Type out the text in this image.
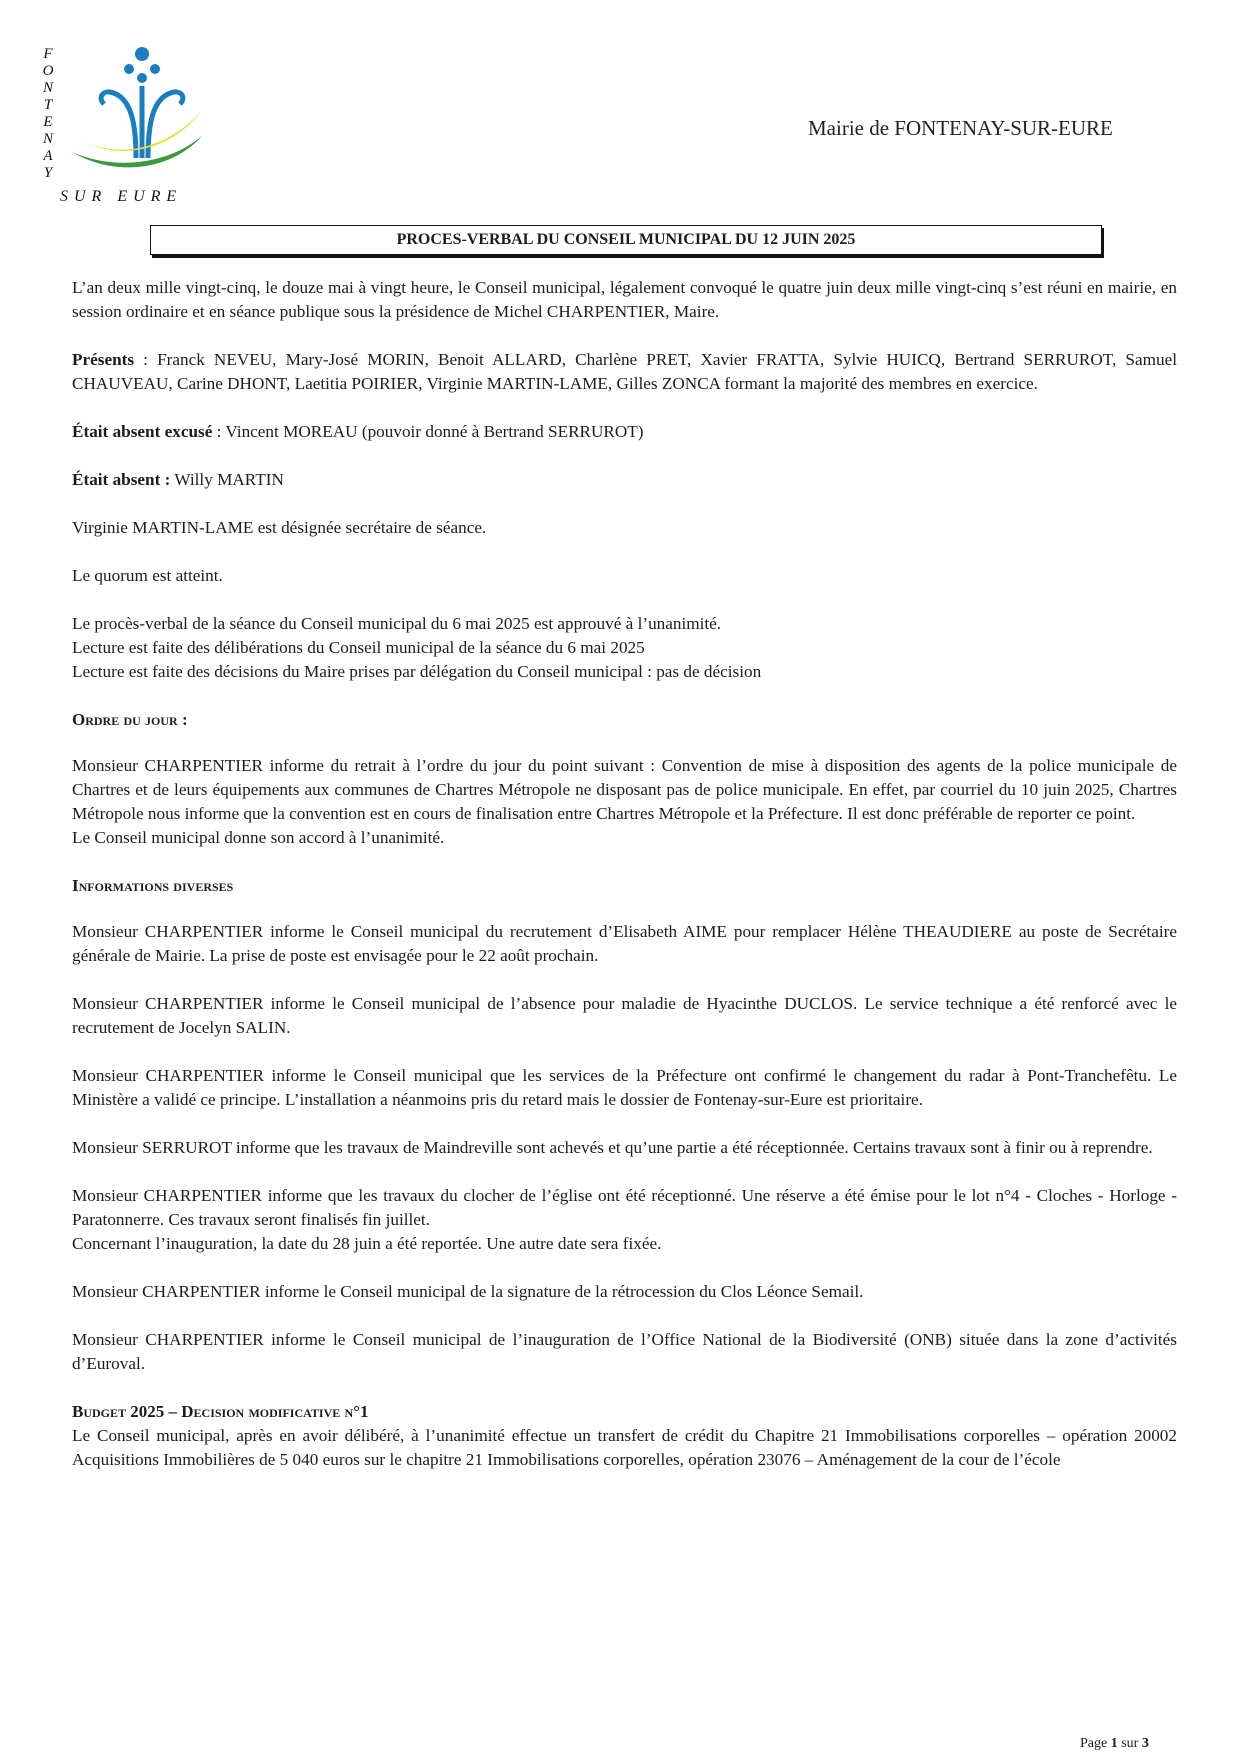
F
O
N
T
E
N
A
Y
SUR EURE
Mairie de FONTENAY-SUR-EURE
PROCES-VERBAL DU CONSEIL MUNICIPAL DU 12 JUIN 2025

L’an deux mille vingt-cinq, le douze mai à vingt heure, le Conseil municipal, légalement convoqué le quatre juin deux mille vingt-cinq s’est réuni en mairie, en session ordinaire et en séance publique sous la présidence de Michel CHARPENTIER, Maire.

Présents : Franck NEVEU, Mary-José MORIN, Benoit ALLARD, Charlène PRET, Xavier FRATTA, Sylvie HUICQ, Bertrand SERRUROT, Samuel CHAUVEAU, Carine DHONT, Laetitia POIRIER, Virginie MARTIN-LAME, Gilles ZONCA formant la majorité des membres en exercice.

Était absent excusé : Vincent MOREAU (pouvoir donné à Bertrand SERRUROT)

Était absent : Willy MARTIN

Virginie MARTIN-LAME est désignée secrétaire de séance.

Le quorum est atteint.

Le procès-verbal de la séance du Conseil municipal du 6 mai 2025 est approuvé à l’unanimité.

Lecture est faite des délibérations du Conseil municipal de la séance du 6 mai 2025

Lecture est faite des décisions du Maire prises par délégation du Conseil municipal : pas de décision

Ordre du jour :

Monsieur CHARPENTIER informe du retrait à l’ordre du jour du point suivant : Convention de mise à disposition des agents de la police municipale de Chartres et de leurs équipements aux communes de Chartres Métropole ne disposant pas de police municipale. En effet, par courriel du 10 juin 2025, Chartres Métropole nous informe que la convention est en cours de finalisation entre Chartres Métropole et la Préfecture. Il est donc préférable de reporter ce point.

Le Conseil municipal donne son accord à l’unanimité.

Informations diverses

Monsieur CHARPENTIER informe le Conseil municipal du recrutement d’Elisabeth AIME pour remplacer Hélène THEAUDIERE au poste de Secrétaire générale de Mairie. La prise de poste est envisagée pour le 22 août prochain.

Monsieur CHARPENTIER informe le Conseil municipal de l’absence pour maladie de Hyacinthe DUCLOS. Le service technique a été renforcé avec le recrutement de Jocelyn SALIN.

Monsieur CHARPENTIER informe le Conseil municipal que les services de la Préfecture ont confirmé le changement du radar à Pont-Tranchefêtu. Le Ministère a validé ce principe. L’installation a néanmoins pris du retard mais le dossier de Fontenay-sur-Eure est prioritaire.

Monsieur SERRUROT informe que les travaux de Maindreville sont achevés et qu’une partie a été réceptionnée. Certains travaux sont à finir ou à reprendre.

Monsieur CHARPENTIER informe que les travaux du clocher de l’église ont été réceptionné. Une réserve a été émise pour le lot n°4 - Cloches - Horloge - Paratonnerre. Ces travaux seront finalisés fin juillet.

Concernant l’inauguration, la date du 28 juin a été reportée. Une autre date sera fixée.

Monsieur CHARPENTIER informe le Conseil municipal de la signature de la rétrocession du Clos Léonce Semail.

Monsieur CHARPENTIER informe le Conseil municipal de l’inauguration de l’Office National de la Biodiversité (ONB) située dans la zone d’activités d’Euroval.

Budget 2025 – Decision modificative n°1

Le Conseil municipal, après en avoir délibéré, à l’unanimité effectue un transfert de crédit du Chapitre 21 Immobilisations corporelles – opération 20002 Acquisitions Immobilières de 5 040 euros sur le chapitre 21 Immobilisations corporelles, opération 23076 – Aménagement de la cour de l’école

Page 1 sur 3
